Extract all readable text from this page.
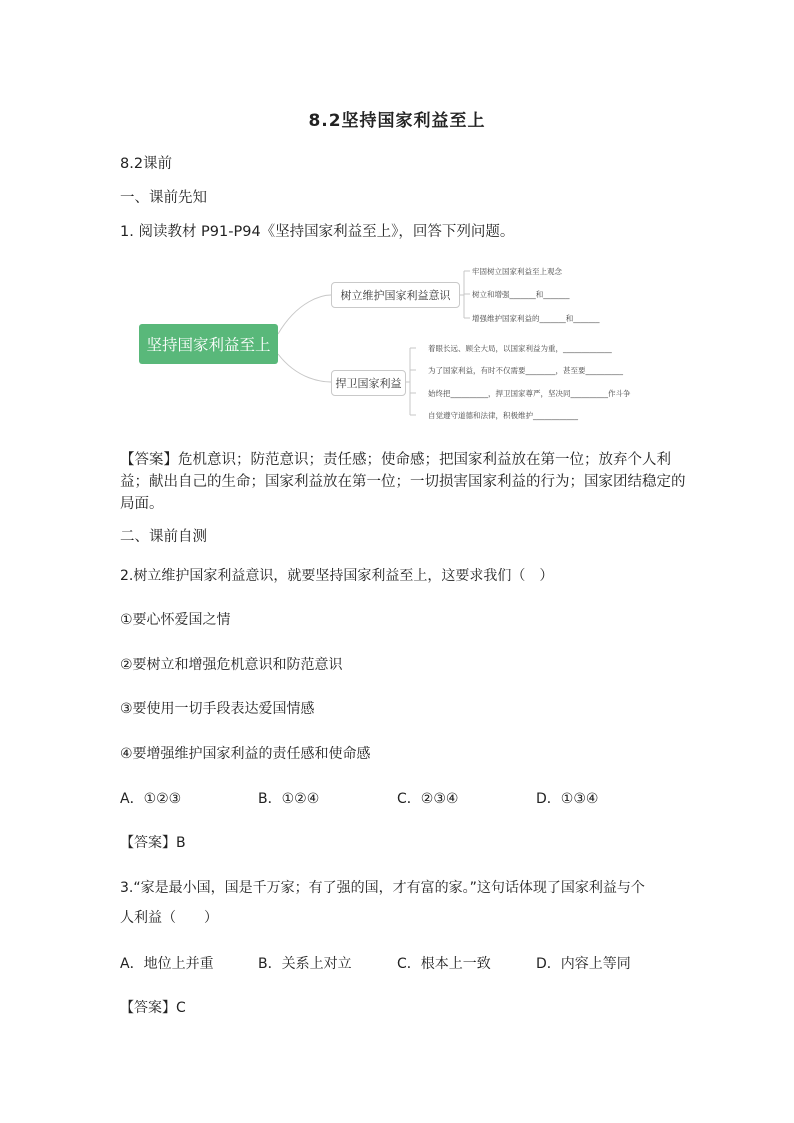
8.2坚持国家利益至上
8.2课前
一、课前先知
1. 阅读教材 P91-P94《坚持国家利益至上》，回答下列问题。
坚持国家利益至上
树立维护国家利益意识
捍卫国家利益
牢固树立国家利益至上观念
树立和增强_______和_______
增强维护国家利益的_______和_______
着眼长远、顾全大局，以国家利益为重，_____________
为了国家利益，有时不仅需要________，甚至要__________
始终把__________，捍卫国家尊严，坚决同__________作斗争
自觉遵守道德和法律，积极维护____________
【答案】危机意识；防范意识；责任感；使命感；把国家利益放在第一位；放弃个人利益；献出自己的生命；国家利益放在第一位；一切损害国家利益的行为；国家团结稳定的局面。
二、课前自测
2.树立维护国家利益意识，就要坚持国家利益至上，这要求我们（　）
①要心怀爱国之情
②要树立和增强危机意识和防范意识
③要使用一切手段表达爱国情感
④要增强维护国家利益的责任感和使命感
A．①②③	B．①②④	C．②③④	D．①③④
【答案】B
3.“家是最小国，国是千万家；有了强的国，才有富的家。”这句话体现了国家利益与个
人利益（　　）
A．地位上并重	B．关系上对立	C．根本上一致	D．内容上等同
【答案】C
